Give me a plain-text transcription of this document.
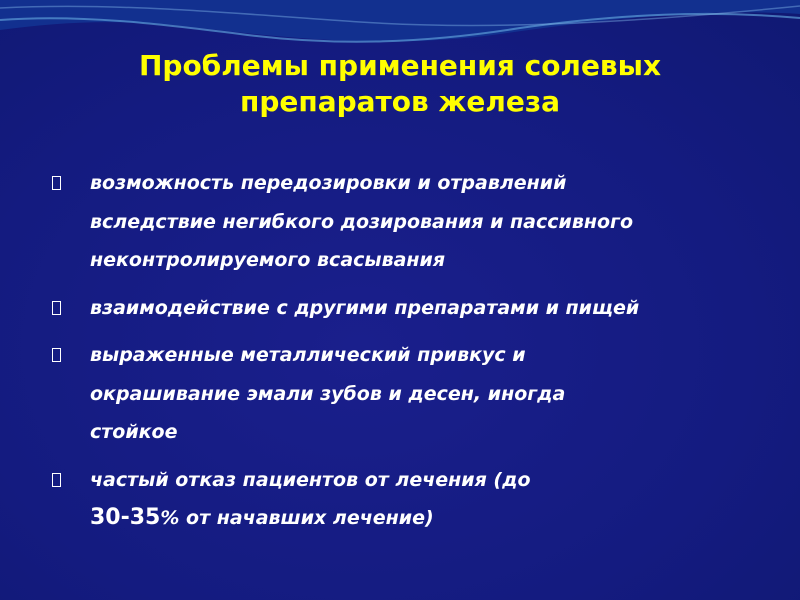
Проблемы применения солевых
препаратов железа
возможность передозировки и отравлений
вследствие негибкого дозирования и пассивного
неконтролируемого всасывания
взаимодействие с другими препаратами и пищей
выраженные металлический привкус и
окрашивание эмали зубов и десен, иногда
стойкое
частый отказ пациентов от лечения (до
30-35% от начавших лечение)
